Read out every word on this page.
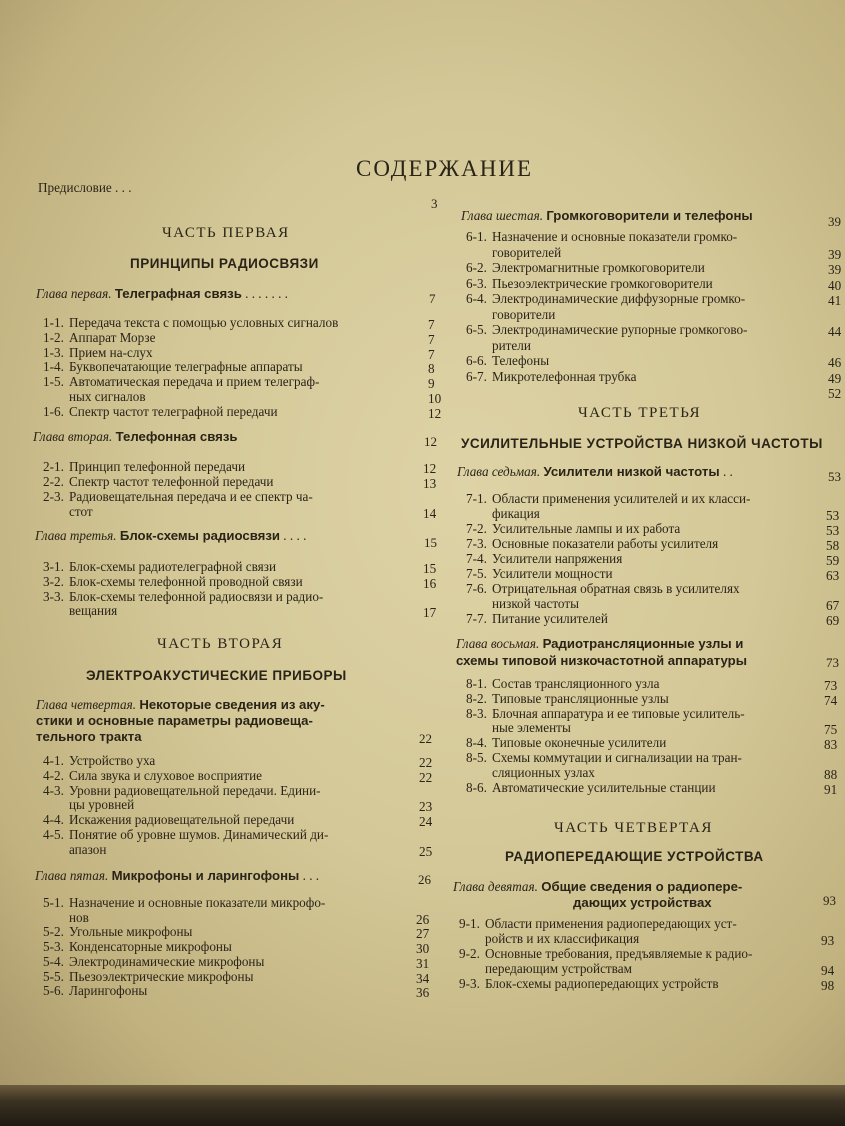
СОДЕРЖАНИЕ
Предисловие . . .
3
ЧАСТЬ ПЕРВАЯ
ПРИНЦИПЫ РАДИОСВЯЗИ
Глава первая. Телеграфная связь . . . . . . .	7
1-1. Передача текста с помощью условных сигналов	7
1-2. Аппарат Морзе	7
1-3. Прием на-слух	7
1-4. Буквопечатающие телеграфные аппараты	8
1-5. Автоматическая передача и прием телеграф-	9
ных сигналов	10
1-6. Спектр частот телеграфной передачи	12
Глава вторая. Телефонная связь	12
2-1. Принцип телефонной передачи	12
2-2. Спектр частот телефонной передачи	13
2-3. Радиовещательная передача и ее спектр ча-
стот	14
Глава третья. Блок-схемы радиосвязи . . . .	15
3-1. Блок-схемы радиотелеграфной связи	15
3-2. Блок-схемы телефонной проводной связи	16
3-3. Блок-схемы телефонной радиосвязи и радио-
вещания	17
ЧАСТЬ ВТОРАЯ
ЭЛЕКТРОАКУСТИЧЕСКИЕ ПРИБОРЫ
Глава четвертая. Некоторые сведения из аку-
стики и основные параметры радиовеща-
тельного тракта	22
4-1. Устройство уха	22
4-2. Сила звука и слуховое восприятие	22
4-3. Уровни радиовещательной передачи. Едини-
цы уровней	23
4-4. Искажения радиовещательной передачи	24
4-5. Понятие об уровне шумов. Динамический ди-
апазон	25
Глава пятая. Микрофоны и ларингофоны . . .	26
5-1. Назначение и основные показатели микрофо-
нов	26
5-2. Угольные микрофоны	27
5-3. Конденсаторные микрофоны	30
5-4. Электродинамические микрофоны	31
5-5. Пьезоэлектрические микрофоны	34
5-6. Ларингофоны	36
Глава шестая. Громкоговорители и телефоны	39
6-1. Назначение и основные показатели громко-
говорителей	39
6-2. Электромагнитные громкоговорители	39
6-3. Пьезоэлектрические громкоговорители	40
6-4. Электродинамические диффузорные громко-	41
говорители
6-5. Электродинамические рупорные громкогово-	44
рители
6-6. Телефоны	46
6-7. Микротелефонная трубка	49
52
ЧАСТЬ ТРЕТЬЯ
УСИЛИТЕЛЬНЫЕ УСТРОЙСТВА НИЗКОЙ ЧАСТОТЫ
Глава седьмая. Усилители низкой частоты . .	53
7-1. Области применения усилителей и их класси-
фикация	53
7-2. Усилительные лампы и их работа	53
7-3. Основные показатели работы усилителя	58
7-4. Усилители напряжения	59
7-5. Усилители мощности	63
7-6. Отрицательная обратная связь в усилителях
низкой частоты	67
7-7. Питание усилителей	69
Глава восьмая. Радиотрансляционные узлы и
схемы типовой низкочастотной аппаратуры	73
8-1. Состав трансляционного узла	73
8-2. Типовые трансляционные узлы	74
8-3. Блочная аппаратура и ее типовые усилитель-
ные элементы	75
8-4. Типовые оконечные усилители	83
8-5. Схемы коммутации и сигнализации на тран-
сляционных узлах	88
8-6. Автоматические усилительные станции	91
ЧАСТЬ ЧЕТВЕРТАЯ
РАДИОПЕРЕДАЮЩИЕ УСТРОЙСТВА
Глава девятая. Общие сведения о радиопере-
дающих устройствах	93
9-1. Области применения радиопередающих уст-
ройств и их классификация	93
9-2. Основные требования, предъявляемые к радио-
передающим устройствам	94
9-3. Блок-схемы радиопередающих устройств	98
